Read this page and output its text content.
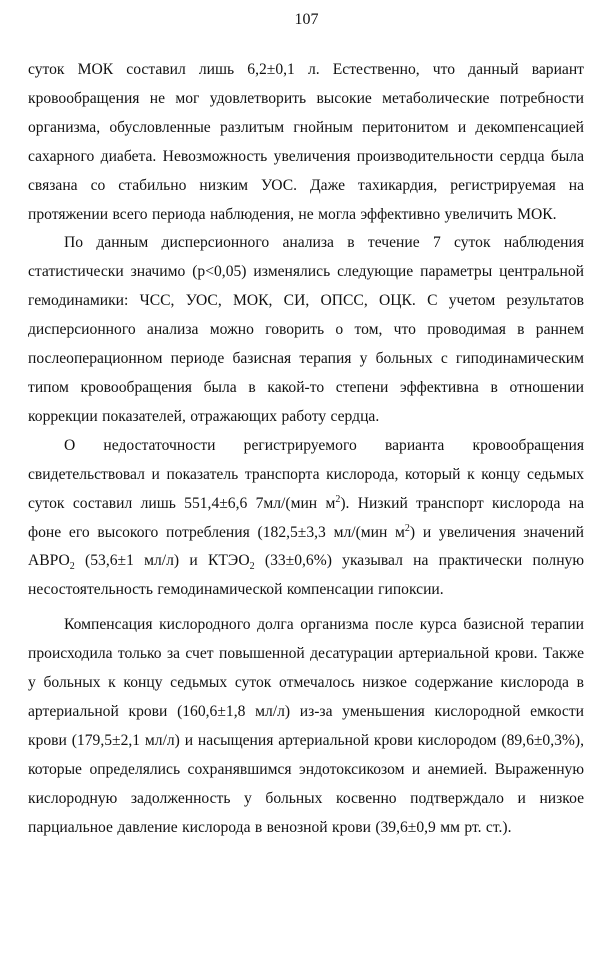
107

суток МОК составил лишь 6,2±0,1 л. Естественно, что данный вариант кровообращения не мог удовлетворить высокие метаболические потребности организма, обусловленные разлитым гнойным перитонитом и декомпенсацией сахарного диабета. Невозможность увеличения производительности сердца была связана со стабильно низким УОС. Даже тахикардия, регистрируемая на протяжении всего периода наблюдения, не могла эффективно увеличить МОК.

По данным дисперсионного анализа в течение 7 суток наблюдения статистически значимо (p<0,05) изменялись следующие параметры центральной гемодинамики: ЧСС, УОС, МОК, СИ, ОПСС, ОЦК. С учетом результатов дисперсионного анализа можно говорить о том, что проводимая в раннем послеоперационном периоде базисная терапия у больных с гиподинамическим типом кровообращения была в какой-то степени эффективна в отношении коррекции показателей, отражающих работу сердца.

О недостаточности регистрируемого варианта кровообращения свидетельствовал и показатель транспорта кислорода, который к концу седьмых суток составил лишь 551,4±6,6 7мл/(мин $м^2$). Низкий транспорт кислорода на фоне его высокого потребления (182,5±3,3 мл/(мин $м^2$) и увеличения значений $АВРО_2$ (53,6±1 мл/л) и $КТЭО_2$ (33±0,6%) указывал на практически полную несостоятельность гемодинамической компенсации гипоксии.

Компенсация кислородного долга организма после курса базисной терапии происходила только за счет повышенной десатурации артериальной крови. Также у больных к концу седьмых суток отмечалось низкое содержание кислорода в артериальной крови (160,6±1,8 мл/л) из-за уменьшения кислородной емкости крови (179,5±2,1 мл/л) и насыщения артериальной крови кислородом (89,6±0,3%), которые определялись сохранявшимся эндотоксикозом и анемией. Выраженную кислородную задолженность у больных косвенно подтверждало и низкое парциальное давление кислорода в венозной крови (39,6±0,9 мм рт. ст.).
